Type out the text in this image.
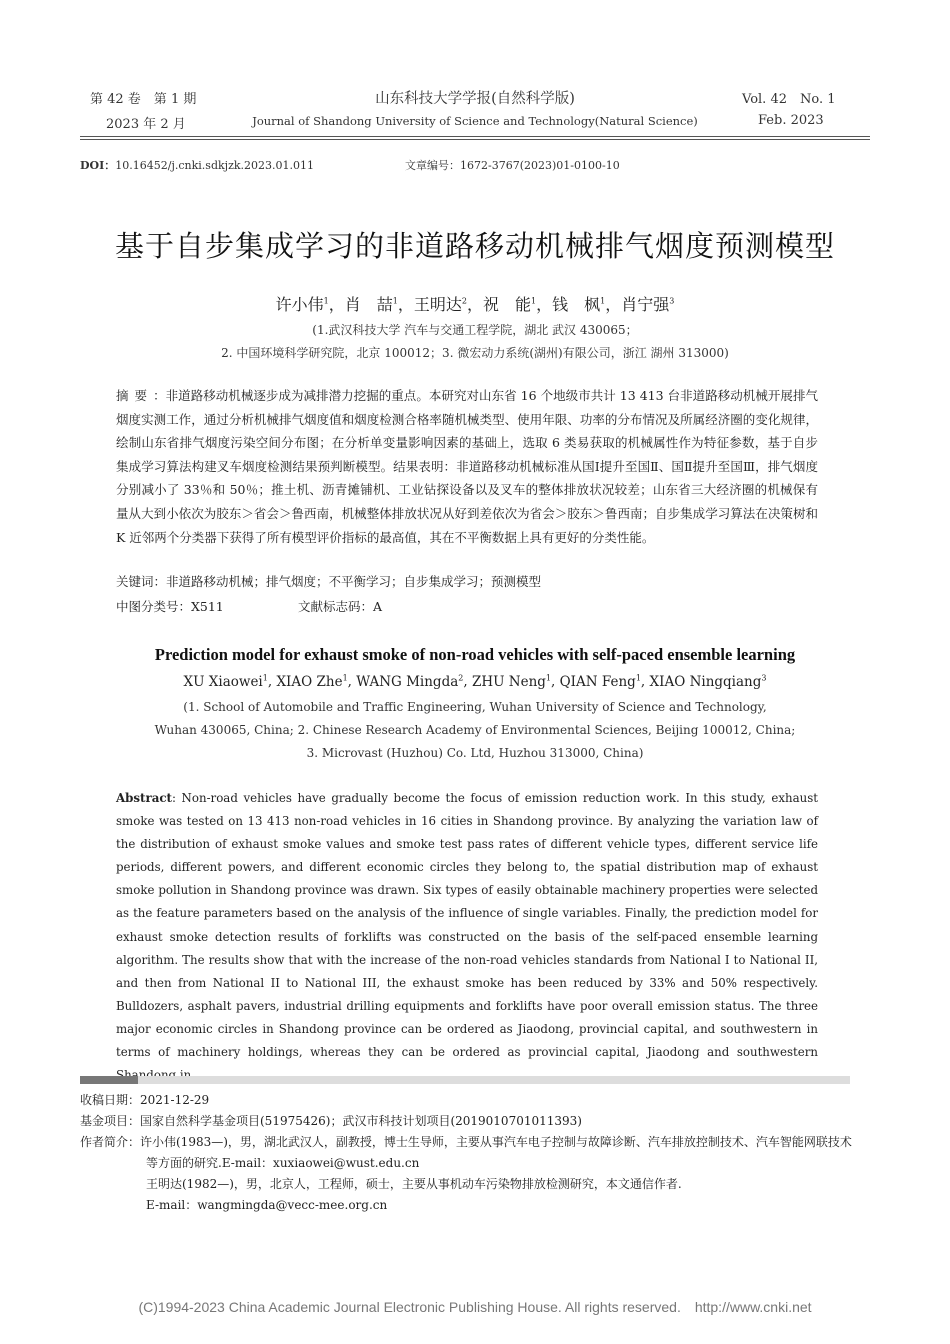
第 42 卷　第 1 期
2023 年 2 月
山东科技大学学报(自然科学版)
Journal of Shandong University of Science and Technology(Natural Science)
Vol. 42　No. 1
Feb. 2023
DOI：10.16452/j.cnki.sdkjzk.2023.01.011	文章编号：1672-3767(2023)01-0100-10
基于自步集成学习的非道路移动机械排气烟度预测模型
许小伟$^1$，肖　喆$^1$，王明达$^2$，祝　能$^1$，钱　枫$^1$，肖宁强$^3$
(1.武汉科技大学 汽车与交通工程学院，湖北 武汉 430065；
2. 中国环境科学研究院，北京 100012；3. 微宏动力系统(湖州)有限公司，浙江 湖州 313000)
摘要：非道路移动机械逐步成为减排潜力挖掘的重点。本研究对山东省 16 个地级市共计 13 413 台非道路移动机械开展排气烟度实测工作，通过分析机械排气烟度值和烟度检测合格率随机械类型、使用年限、功率的分布情况及所属经济圈的变化规律，绘制山东省排气烟度污染空间分布图；在分析单变量影响因素的基础上，选取 6 类易获取的机械属性作为特征参数，基于自步集成学习算法构建叉车烟度检测结果预判断模型。结果表明：非道路移动机械标准从国Ⅰ提升至国Ⅱ、国Ⅱ提升至国Ⅲ，排气烟度分别减小了 33％和 50％；推土机、沥青摊铺机、工业钻探设备以及叉车的整体排放状况较差；山东省三大经济圈的机械保有量从大到小依次为胶东＞省会＞鲁西南，机械整体排放状况从好到差依次为省会＞胶东＞鲁西南；自步集成学习算法在决策树和 K 近邻两个分类器下获得了所有模型评价指标的最高值，其在不平衡数据上具有更好的分类性能。
关键词：非道路移动机械；排气烟度；不平衡学习；自步集成学习；预测模型
中图分类号：X511	文献标志码：A
Prediction model for exhaust smoke of non-road vehicles with self-paced ensemble learning
XU Xiaowei$^1$, XIAO Zhe$^1$, WANG Mingda$^2$, ZHU Neng$^1$, QIAN Feng$^1$, XIAO Ningqiang$^3$
(1. School of Automobile and Traffic Engineering, Wuhan University of Science and Technology,
Wuhan 430065, China; 2. Chinese Research Academy of Environmental Sciences, Beijing 100012, China;
3. Microvast (Huzhou) Co. Ltd, Huzhou 313000, China)
Abstract: Non-road vehicles have gradually become the focus of emission reduction work. In this study, exhaust smoke was tested on 13 413 non-road vehicles in 16 cities in Shandong province. By analyzing the variation law of the distribution of exhaust smoke values and smoke test pass rates of different vehicle types, different service life periods, different powers, and different economic circles they belong to, the spatial distribution map of exhaust smoke pollution in Shandong province was drawn. Six types of easily obtainable machinery properties were selected as the feature parameters based on the analysis of the influence of single variables. Finally, the prediction model for exhaust smoke detection results of forklifts was constructed on the basis of the self-paced ensemble learning algorithm. The results show that with the increase of the non-road vehicles standards from National I to National II, and then from National II to National III, the exhaust smoke has been reduced by 33% and 50% respectively. Bulldozers, asphalt pavers, industrial drilling equipments and forklifts have poor overall emission status. The three major economic circles in Shandong province can be ordered as Jiaodong, provincial capital, and southwestern in terms of machinery holdings, whereas they can be ordered as provincial capital, Jiaodong and southwestern
收稿日期：2021-12-29
基金项目：国家自然科学基金项目(51975426)；武汉市科技计划项目(2019010701011393)
作者简介：许小伟(1983—)，男，湖北武汉人，副教授，博士生导师，主要从事汽车电子控制与故障诊断、汽车排放控制技术、汽车智能网联技术等方面的研究.E-mail：xuxiaowei@wust.edu.cn
王明达(1982—)，男，北京人，工程师，硕士，主要从事机动车污染物排放检测研究，本文通信作者.
E-mail：wangmingda@vecc-mee.org.cn
(C)1994-2023 China Academic Journal Electronic Publishing House. All rights reserved.　http://www.cnki.net
